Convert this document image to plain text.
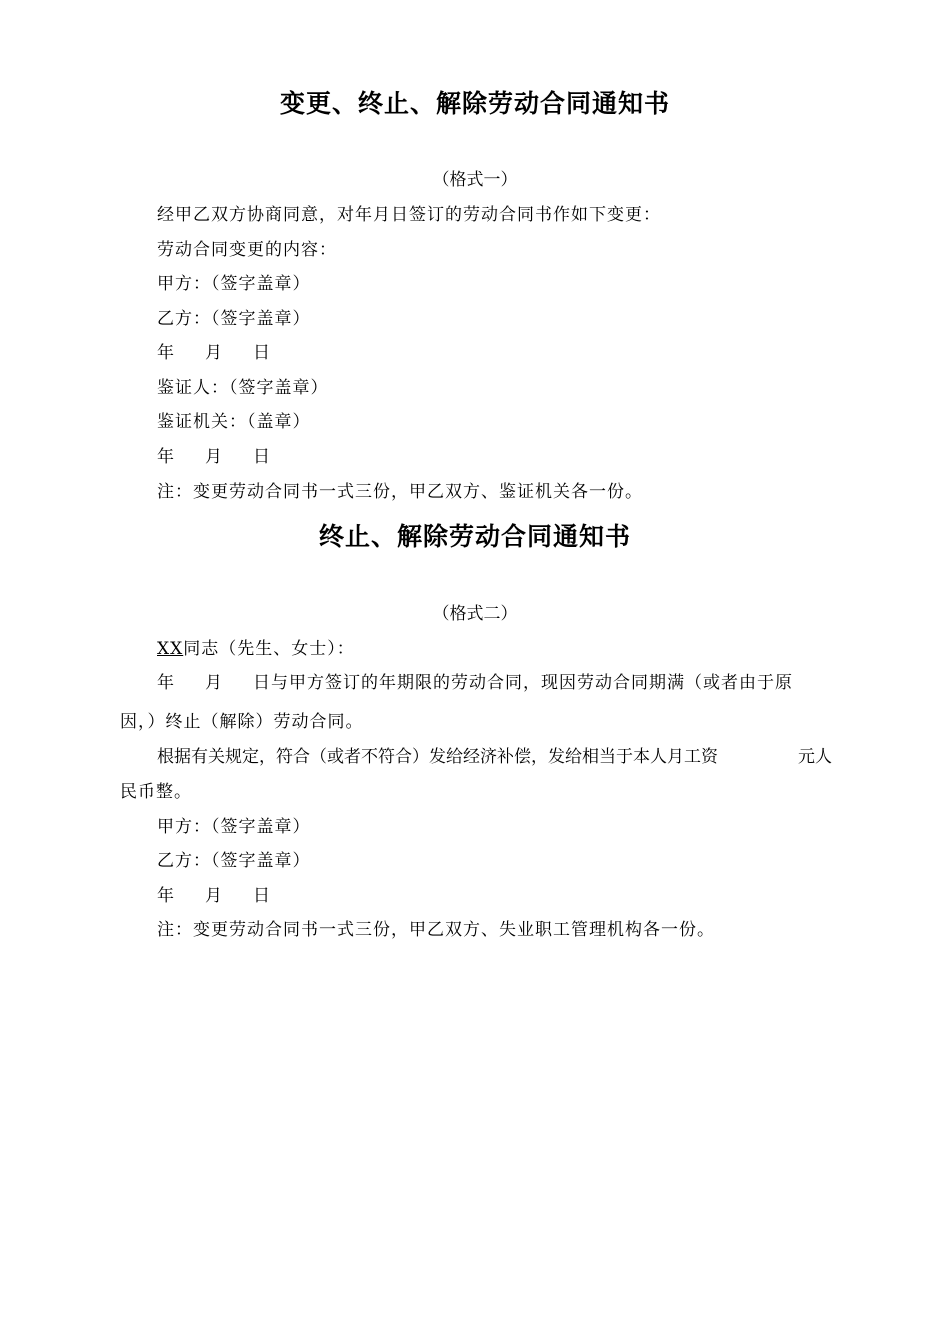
变更、终止、解除劳动合同通知书
（格式一）
经甲乙双方协商同意，对年月日签订的劳动合同书作如下变更：
劳动合同变更的内容：
甲方：（签字盖章）
乙方：（签字盖章）
年 月 日
鉴证人：（签字盖章）
鉴证机关：（盖章）
年 月 日
注：变更劳动合同书一式三份，甲乙双方、鉴证机关各一份。
终止、解除劳动合同通知书
（格式二）
XX同志（先生、女士）：
年 月 日与甲方签订的年期限的劳动合同，现因劳动合同期满（或者由于原
因，）终止（解除）劳动合同。
根据有关规定，符合（或者不符合）发给经济补偿，发给相当于本人月工资	元人
民币整。
甲方：（签字盖章）
乙方：（签字盖章）
年 月 日
注：变更劳动合同书一式三份，甲乙双方、失业职工管理机构各一份。
